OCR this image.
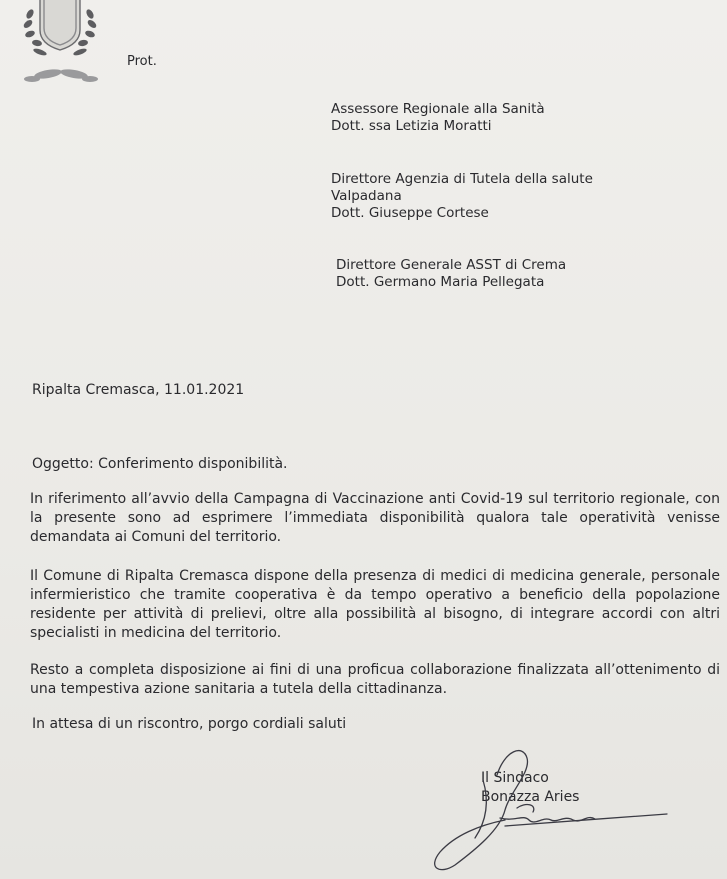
Prot.
Assessore Regionale alla Sanità
Dott. ssa Letizia Moratti
Direttore Agenzia di Tutela della salute
Valpadana
Dott. Giuseppe Cortese
Direttore Generale ASST di Crema
Dott. Germano Maria Pellegata
Ripalta Cremasca, 11.01.2021
Oggetto: Conferimento disponibilità.

In riferimento all’avvio della Campagna di Vaccinazione anti Covid-19 sul territorio regionale, con la presente sono ad esprimere l’immediata disponibilità qualora tale operatività venisse demandata ai Comuni del territorio.

Il Comune di Ripalta Cremasca dispone della presenza di medici di medicina generale, personale infermieristico che tramite cooperativa è da tempo operativo a beneficio della popolazione residente per attività di prelievi, oltre alla possibilità al bisogno, di integrare accordi con altri specialisti in medicina del territorio.

Resto a completa disposizione ai fini di una proficua collaborazione finalizzata all’ottenimento di una tempestiva azione sanitaria a tutela della cittadinanza.

In attesa di un riscontro, porgo cordiali saluti
Il Sindaco
Bonazza Aries
